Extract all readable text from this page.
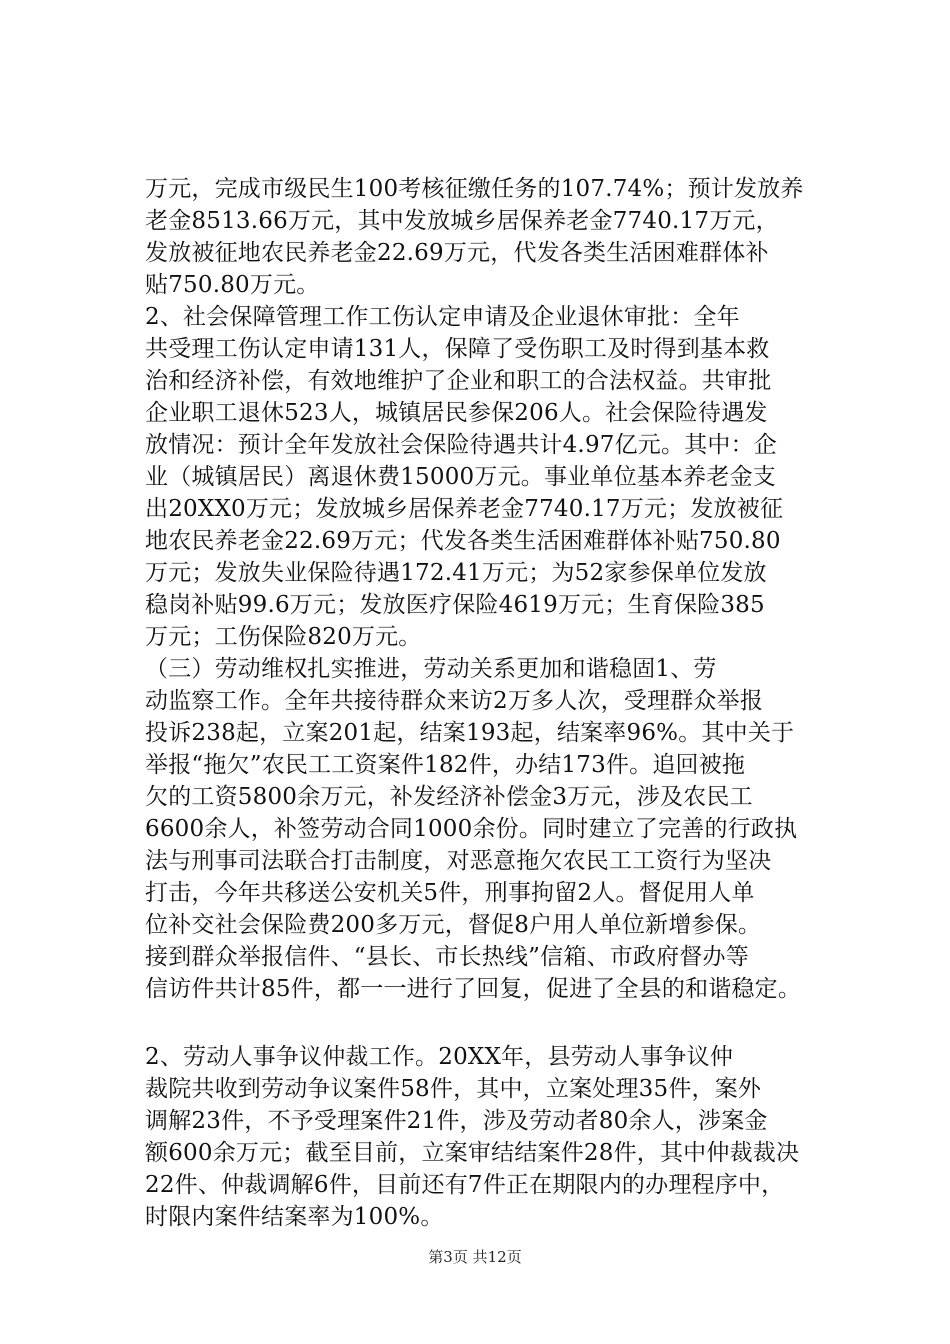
万元，完成市级民生100考核征缴任务的107.74%；预计发放养
老金8513.66万元，其中发放城乡居保养老金7740.17万元，
发放被征地农民养老金22.69万元，代发各类生活困难群体补
贴750.80万元。
2、社会保障管理工作工伤认定申请及企业退休审批：全年
共受理工伤认定申请131人，保障了受伤职工及时得到基本救
治和经济补偿，有效地维护了企业和职工的合法权益。共审批
企业职工退休523人，城镇居民参保206人。社会保险待遇发
放情况：预计全年发放社会保险待遇共计4.97亿元。其中：企
业（城镇居民）离退休费15000万元。事业单位基本养老金支
出20XX0万元；发放城乡居保养老金7740.17万元；发放被征
地农民养老金22.69万元；代发各类生活困难群体补贴750.80
万元；发放失业保险待遇172.41万元；为52家参保单位发放
稳岗补贴99.6万元；发放医疗保险4619万元；生育保险385
万元；工伤保险820万元。
（三）劳动维权扎实推进，劳动关系更加和谐稳固1、劳
动监察工作。全年共接待群众来访2万多人次，受理群众举报
投诉238起，立案201起，结案193起，结案率96%。其中关于
举报“拖欠”农民工工资案件182件，办结173件。追回被拖
欠的工资5800余万元，补发经济补偿金3万元，涉及农民工
6600余人，补签劳动合同1000余份。同时建立了完善的行政执
法与刑事司法联合打击制度，对恶意拖欠农民工工资行为坚决
打击，今年共移送公安机关5件，刑事拘留2人。督促用人单
位补交社会保险费200多万元，督促8户用人单位新增参保。
接到群众举报信件、“县长、市长热线”信箱、市政府督办等
信访件共计85件，都一一进行了回复，促进了全县的和谐稳定。
2、劳动人事争议仲裁工作。20XX年，县劳动人事争议仲
裁院共收到劳动争议案件58件，其中，立案处理35件，案外
调解23件，不予受理案件21件，涉及劳动者80余人，涉案金
额600余万元；截至目前，立案审结结案件28件，其中仲裁裁决
22件、仲裁调解6件，目前还有7件正在期限内的办理程序中，
时限内案件结案率为100%。
第3页 共12页
